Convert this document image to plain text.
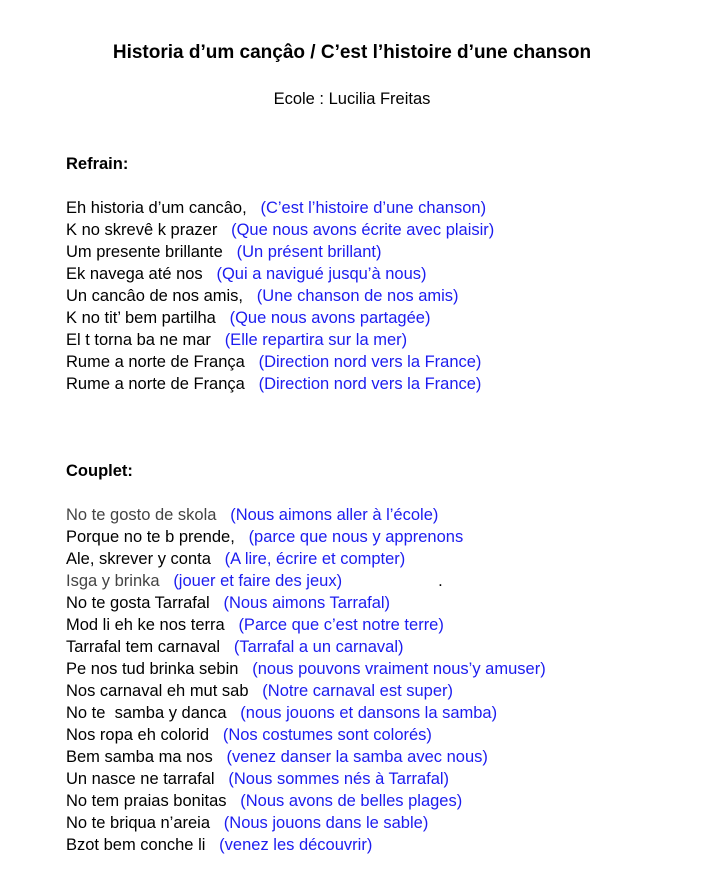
Historia d’um cançâo / C’est l’histoire d’une chanson
Ecole : Lucilia Freitas
Refrain:
Eh historia d’um cancâo, (C’est l’histoire d’une chanson)
K no skrevê k prazer (Que nous avons écrite avec plaisir)
Um presente brillante (Un présent brillant)
Ek navega até nos (Qui a navigué jusqu’à nous)
Un cancâo de nos amis, (Une chanson de nos amis)
K no tit’ bem partilha (Que nous avons partagée)
El t torna ba ne mar (Elle repartira sur la mer)
Rume a norte de França (Direction nord vers la France)
Rume a norte de França (Direction nord vers la France)
Couplet:
No te gosto de skola (Nous aimons aller à l’école)
Porque no te b prende, (parce que nous y apprenons
Ale, skrever y conta (A lire, écrire et compter)
Isga y brinka (jouer et faire des jeux)	.
No te gosta Tarrafal (Nous aimons Tarrafal)
Mod li eh ke nos terra (Parce que c’est notre terre)
Tarrafal tem carnaval (Tarrafal a un carnaval)
Pe nos tud brinka sebin (nous pouvons vraiment nous’y amuser)
Nos carnaval eh mut sab (Notre carnaval est super)
No te  samba y danca (nous jouons et dansons la samba)
Nos ropa eh colorid (Nos costumes sont colorés)
Bem samba ma nos (venez danser la samba avec nous)
Un nasce ne tarrafal (Nous sommes nés à Tarrafal)
No tem praias bonitas (Nous avons de belles plages)
No te briqua n’areia (Nous jouons dans le sable)
Bzot bem conche li (venez les découvrir)
